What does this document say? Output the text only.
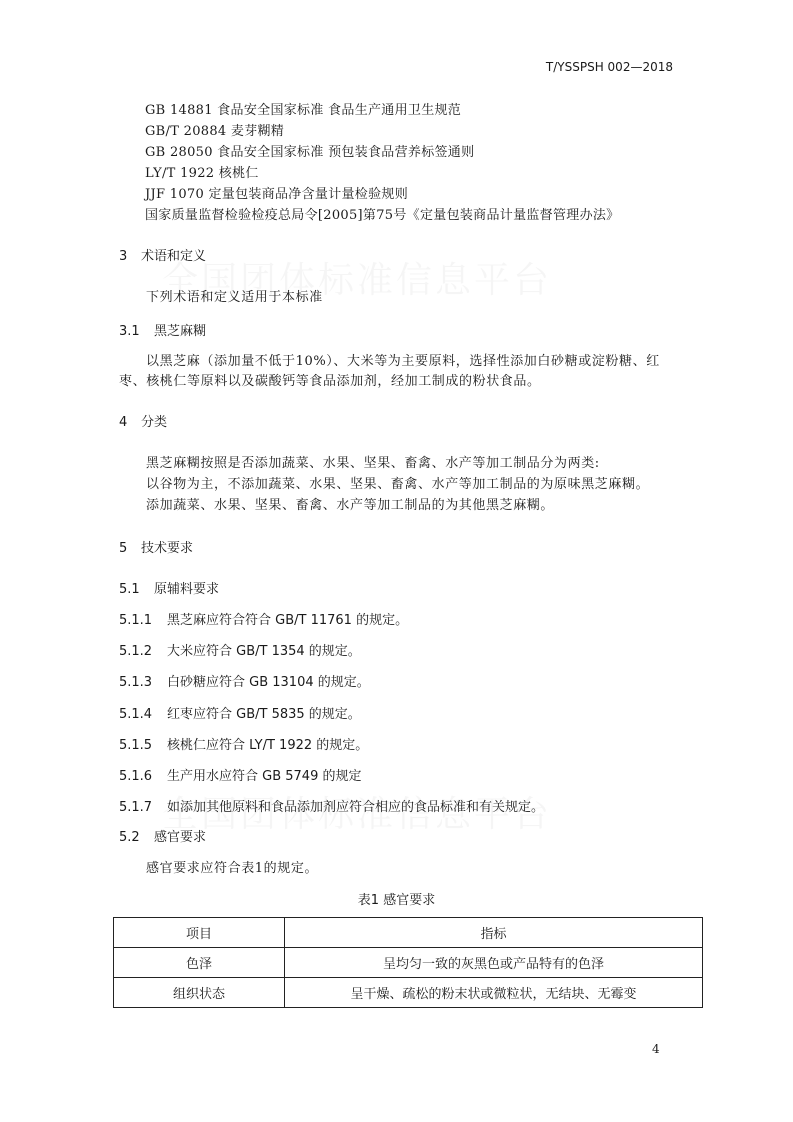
T/YSSPSH 002—2018
GB 14881 食品安全国家标准 食品生产通用卫生规范
GB/T 20884 麦芽糊精
GB 28050 食品安全国家标准 预包装食品营养标签通则
LY/T 1922 核桃仁
JJF 1070 定量包装商品净含量计量检验规则
国家质量监督检验检疫总局令[2005]第75号《定量包装商品计量监督管理办法》
3 术语和定义
下列术语和定义适用于本标准
3.1 黑芝麻糊
以黑芝麻（添加量不低于10%）、大米等为主要原料，选择性添加白砂糖或淀粉糖、红
枣、核桃仁等原料以及碳酸钙等食品添加剂，经加工制成的粉状食品。
4 分类
黑芝麻糊按照是否添加蔬菜、水果、坚果、畜禽、水产等加工制品分为两类:
以谷物为主，不添加蔬菜、水果、坚果、畜禽、水产等加工制品的为原味黑芝麻糊。
添加蔬菜、水果、坚果、畜禽、水产等加工制品的为其他黑芝麻糊。
5 技术要求
5.1 原辅料要求
5.1.1 黑芝麻应符合符合 GB/T 11761 的规定。
5.1.2 大米应符合 GB/T 1354 的规定。
5.1.3 白砂糖应符合 GB 13104 的规定。
5.1.4 红枣应符合 GB/T 5835 的规定。
5.1.5 核桃仁应符合 LY/T 1922 的规定。
5.1.6 生产用水应符合 GB 5749 的规定
5.1.7 如添加其他原料和食品添加剂应符合相应的食品标准和有关规定。
5.2 感官要求
感官要求应符合表1的规定。
表1 感官要求
项目	指标
色泽	呈均匀一致的灰黑色或产品特有的色泽
组织状态	呈干燥、疏松的粉末状或微粒状，无结块、无霉变
4
